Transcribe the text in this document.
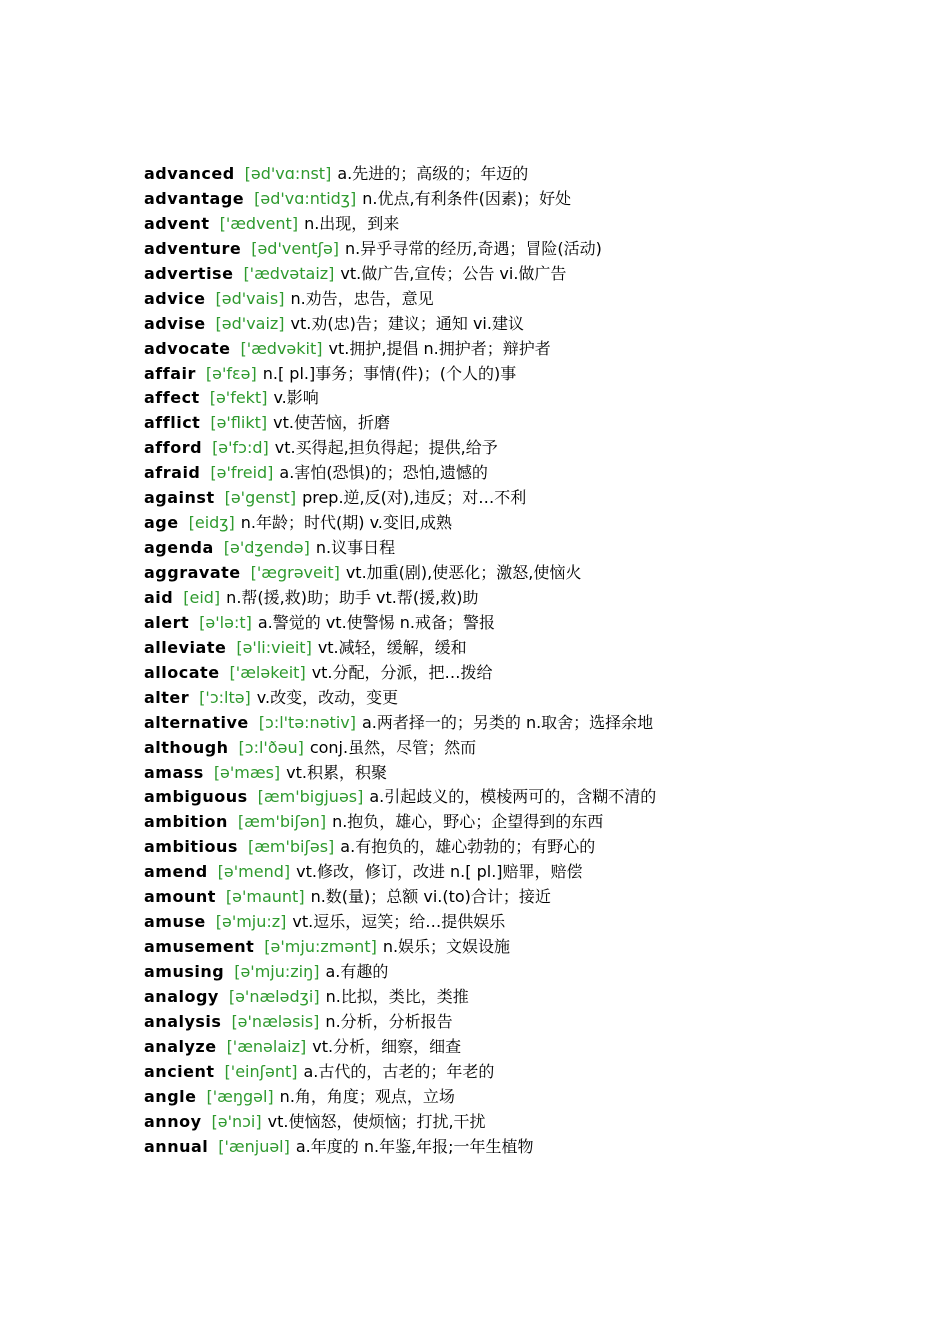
advanced [əd'vɑ:nst] a.先进的；高级的；年迈的
advantage [əd'vɑ:ntidʒ] n.优点,有利条件(因素)；好处
advent ['ædvent] n.出现，到来
adventure [əd'ventʃə] n.异乎寻常的经历,奇遇；冒险(活动)
advertise ['ædvətaiz] vt.做广告,宣传；公告 vi.做广告
advice [əd'vais] n.劝告，忠告，意见
advise [əd'vaiz] vt.劝(忠)告；建议；通知 vi.建议
advocate ['ædvəkit] vt.拥护,提倡 n.拥护者；辩护者
affair [ə'fɛə] n.[ pl.]事务；事情(件)；(个人的)事
affect [ə'fekt] v.影响
afflict [ə'flikt] vt.使苦恼，折磨
afford [ə'fɔ:d] vt.买得起,担负得起；提供,给予
afraid [ə'freid] a.害怕(恐惧)的；恐怕,遗憾的
against [ə'genst] prep.逆,反(对),违反；对…不利
age [eidʒ] n.年龄；时代(期) v.变旧,成熟
agenda [ə'dʒendə] n.议事日程
aggravate ['ægrəveit] vt.加重(剧),使恶化；激怒,使恼火
aid [eid] n.帮(援,救)助；助手 vt.帮(援,救)助
alert [ə'lə:t] a.警觉的 vt.使警惕 n.戒备；警报
alleviate [ə'li:vieit] vt.减轻，缓解，缓和
allocate ['æləkeit] vt.分配，分派，把…拨给
alter ['ɔ:ltə] v.改变，改动，变更
alternative [ɔ:l'tə:nətiv] a.两者择一的；另类的 n.取舍；选择余地
although [ɔ:l'ðəu] conj.虽然，尽管；然而
amass [ə'mæs] vt.积累，积聚
ambiguous [æm'bigjuəs] a.引起歧义的，模棱两可的，含糊不清的
ambition [æm'biʃən] n.抱负，雄心，野心；企望得到的东西
ambitious [æm'biʃəs] a.有抱负的，雄心勃勃的；有野心的
amend [ə'mend] vt.修改，修订，改进 n.[ pl.]赔罪，赔偿
amount [ə'maunt] n.数(量)；总额 vi.(to)合计；接近
amuse [ə'mju:z] vt.逗乐，逗笑；给…提供娱乐
amusement [ə'mju:zmənt] n.娱乐；文娱设施
amusing [ə'mju:ziŋ] a.有趣的
analogy [ə'nælədʒi] n.比拟，类比，类推
analysis [ə'næləsis] n.分析，分析报告
analyze ['ænəlaiz] vt.分析，细察，细查
ancient ['einʃənt] a.古代的，古老的；年老的
angle ['æŋgəl] n.角，角度；观点，立场
annoy [ə'nɔi] vt.使恼怒，使烦恼；打扰,干扰
annual ['ænjuəl] a.年度的 n.年鉴,年报;一年生植物
